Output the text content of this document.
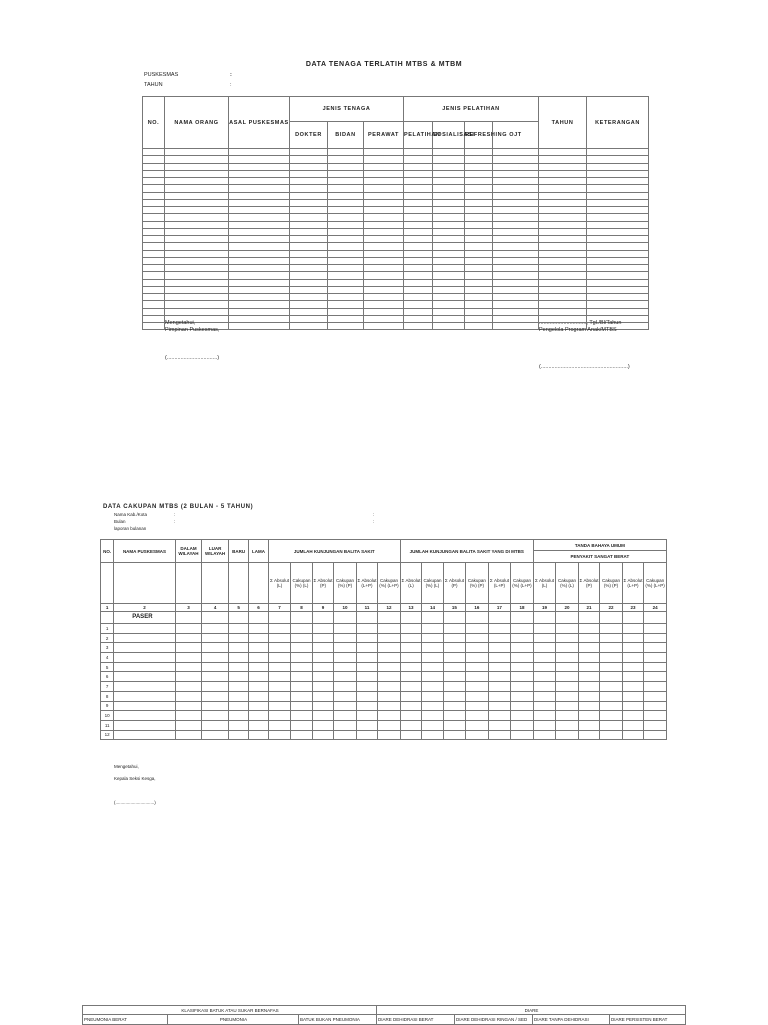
DATA TENAGA TERLATIH MTBS & MTBM
PUSKESMAS	:
TAHUN	:
NO.	NAMA ORANG	ASAL PUSKESMAS	JENIS TENAGA			JENIS PELATIHAN				TAHUN	KETERANGAN
			DOKTER	BIDAN	PERAWAT	PELATIHAN	SOSIALISASI	REFRESHING	OJT		

Mengetahui,
Pimpinan Puskesmas,
(.................................)
..............................., Tgl./Bl/Tahun
Pengelola Program Anak/MTBS
(.........................................................)
DATA CAKUPAN MTBS (2 BULAN - 5 TAHUN)
Nama Kab./Kota
Bulan
laporan bulanan
:
:
:
:
NO.	NAMA PUSKESMAS	DALAM WILAYAH	LUAR WILAYAH	BARU	LAMA	JUMLAH KUNJUNGAN BALITA SAKIT						JUMLAH KUNJUNGAN BALITA SAKIT YANG DI MTBS						TANDA BAHAYA UMUM					
																		PENYAKIT SANGAT BERAT					
						Σ Absolut (L)	Cakupan (%) (L)	Σ Absolut (P)	Cakupan (%) (P)	Σ Absolut (L+P)	Cakupan (%) (L+P)	Σ Absolut (L)	Cakupan (%) (L)	Σ Absolut (P)	Cakupan (%) (P)	Σ Absolut (L+P)	Cakupan (%) (L+P)	Σ Absolut (L)	Cakupan (%) (L)	Σ Absolut (P)	Cakupan (%) (P)	Σ Absolut (L+P)	Cakupan (%) (L+P)
1	2	3	4	5	6	7	8	9	10	11	12	13	14	15	16	17	18	19	20	21	22	23	24
	PASER																						
1																							
2																							
3																							
4																							
5																							
6																							
7																							
8																							
9																							
10																							
11																							
12																							
Mengetahui,
Kepala Seksi Kesga,
(...............................)
KLASIFIKASI BATUK ATAU SUKAR BERNAFAS			DIARE			
PNEUMONIA BERAT	PNEUMONIA	BATUK BUKAN PNEUMONIA	DIARE DEHIDRASI BERAT	DIARE DEHIDRASI RINGAN / SED	DIARE TANPA DEHIDRASI	DIARE PERSISTEN BERAT
